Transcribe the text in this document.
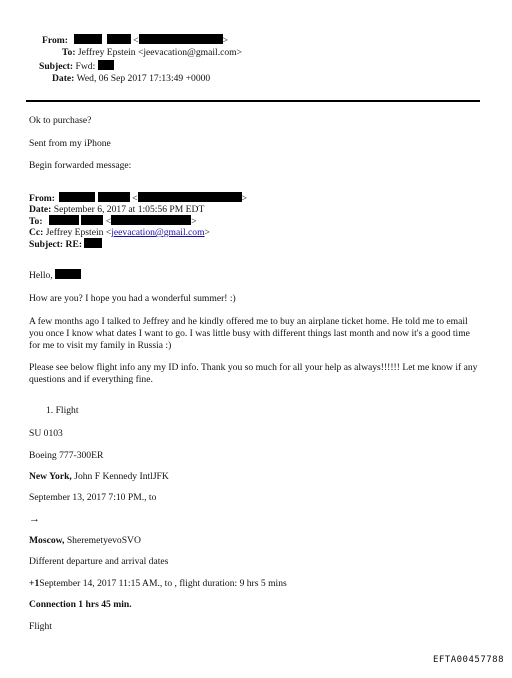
From:	<	>
To: Jeffrey Epstein <jeevacation@gmail.com>
Subject: Fwd:
Date: Wed, 06 Sep 2017 17:13:49 +0000
Ok to purchase?
Sent from my iPhone
Begin forwarded message:
From:	<	>
Date: September 6, 2017 at 1:05:56 PM EDT
To:	<	>
Cc: Jeffrey Epstein <jeevacation@gmail.com>
Subject: RE:
Hello,
How are you? I hope you had a wonderful summer! :)
A few months ago I talked to Jeffrey and he kindly offered me to buy an airplane ticket home. He told me to email you once I know what dates I want to go. I was little busy with different things last month and now it's a good time for me to visit my family in Russia :)
Please see below flight info any my ID info. Thank you so much for all your help as always!!!!!! Let me know if any questions and if everything fine.
1. Flight
SU 0103
Boeing 777-300ER
New York, John F Kennedy IntlJFK
September 13, 2017 7:10 PM., to
→
Moscow, SheremetyevoSVO
Different departure and arrival dates
+1September 14, 2017 11:15 AM., to , flight duration: 9 hrs 5 mins
Connection 1 hrs 45 min.
Flight
EFTA00457788
